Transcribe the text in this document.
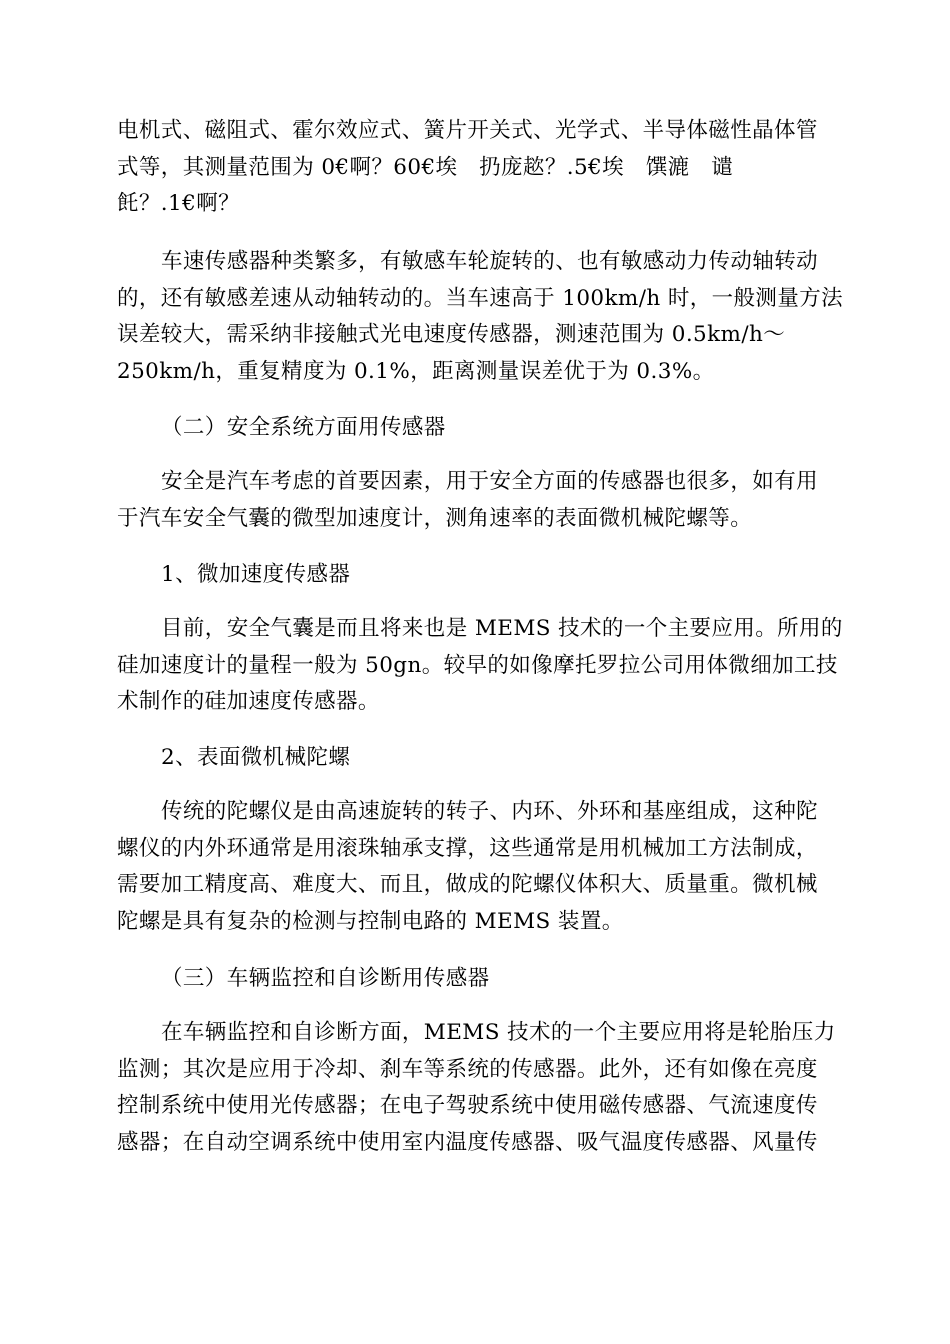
电机式、磁阻式、霍尔效应式、簧片开关式、光学式、半导体磁性晶体管
式等，其测量范围为 0€啊？60€埃   扔庞趑？.5€埃   馔漉   谴
飥？.1€啊？
车速传感器种类繁多，有敏感车轮旋转的、也有敏感动力传动轴转动
的，还有敏感差速从动轴转动的。当车速高于 100km/h 时，一般测量方法
误差较大，需采纳非接触式光电速度传感器，测速范围为 0.5km/h～
250km/h，重复精度为 0.1%，距离测量误差优于为 0.3%。
（二）安全系统方面用传感器
安全是汽车考虑的首要因素，用于安全方面的传感器也很多，如有用
于汽车安全气囊的微型加速度计，测角速率的表面微机械陀螺等。
1、微加速度传感器
目前，安全气囊是而且将来也是 MEMS 技术的一个主要应用。所用的
硅加速度计的量程一般为 50gn。较早的如像摩托罗拉公司用体微细加工技
术制作的硅加速度传感器。
2、表面微机械陀螺
传统的陀螺仪是由高速旋转的转子、内环、外环和基座组成，这种陀
螺仪的内外环通常是用滚珠轴承支撑，这些通常是用机械加工方法制成，
需要加工精度高、难度大、而且，做成的陀螺仪体积大、质量重。微机械
陀螺是具有复杂的检测与控制电路的 MEMS 装置。
（三）车辆监控和自诊断用传感器
在车辆监控和自诊断方面，MEMS 技术的一个主要应用将是轮胎压力
监测；其次是应用于冷却、刹车等系统的传感器。此外，还有如像在亮度
控制系统中使用光传感器；在电子驾驶系统中使用磁传感器、气流速度传
感器；在自动空调系统中使用室内温度传感器、吸气温度传感器、风量传
